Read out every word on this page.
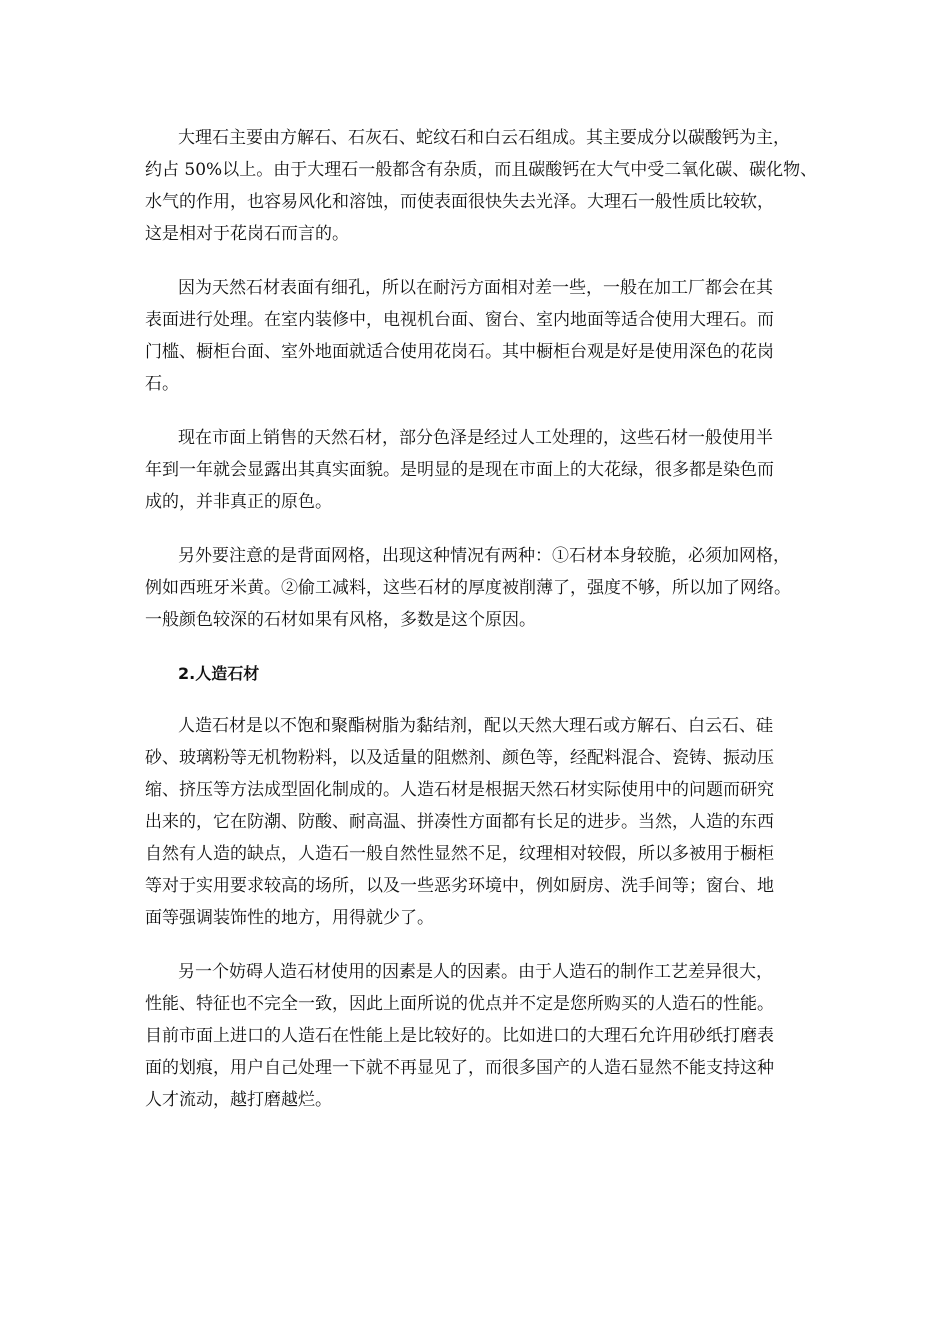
大理石主要由方解石、石灰石、蛇纹石和白云石组成。其主要成分以碳酸钙为主，
约占 50%以上。由于大理石一般都含有杂质，而且碳酸钙在大气中受二氧化碳、碳化物、
水气的作用，也容易风化和溶蚀，而使表面很快失去光泽。大理石一般性质比较软，
这是相对于花岗石而言的。
因为天然石材表面有细孔，所以在耐污方面相对差一些，一般在加工厂都会在其
表面进行处理。在室内装修中，电视机台面、窗台、室内地面等适合使用大理石。而
门槛、橱柜台面、室外地面就适合使用花岗石。其中橱柜台观是好是使用深色的花岗
石。
现在市面上销售的天然石材，部分色泽是经过人工处理的，这些石材一般使用半
年到一年就会显露出其真实面貌。是明显的是现在市面上的大花绿，很多都是染色而
成的，并非真正的原色。
另外要注意的是背面网格，出现这种情况有两种：①石材本身较脆，必须加网格，
例如西班牙米黄。②偷工减料，这些石材的厚度被削薄了，强度不够，所以加了网络。
一般颜色较深的石材如果有风格，多数是这个原因。
2.人造石材
人造石材是以不饱和聚酯树脂为黏结剂，配以天然大理石或方解石、白云石、硅
砂、玻璃粉等无机物粉料，以及适量的阻燃剂、颜色等，经配料混合、瓷铸、振动压
缩、挤压等方法成型固化制成的。人造石材是根据天然石材实际使用中的问题而研究
出来的，它在防潮、防酸、耐高温、拼凑性方面都有长足的进步。当然，人造的东西
自然有人造的缺点，人造石一般自然性显然不足，纹理相对较假，所以多被用于橱柜
等对于实用要求较高的场所，以及一些恶劣环境中，例如厨房、洗手间等；窗台、地
面等强调装饰性的地方，用得就少了。
另一个妨碍人造石材使用的因素是人的因素。由于人造石的制作工艺差异很大，
性能、特征也不完全一致，因此上面所说的优点并不定是您所购买的人造石的性能。
目前市面上进口的人造石在性能上是比较好的。比如进口的大理石允许用砂纸打磨表
面的划痕，用户自己处理一下就不再显见了，而很多国产的人造石显然不能支持这种
人才流动，越打磨越烂。
